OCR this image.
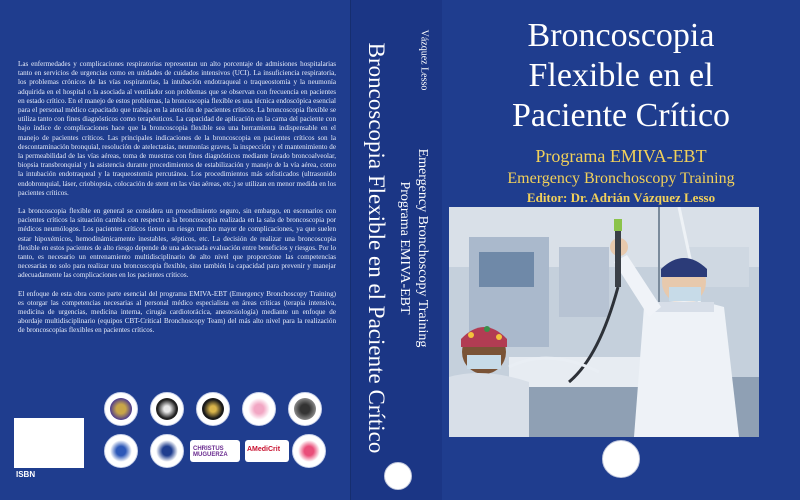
Las enfermedades y complicaciones respiratorias representan un alto porcentaje de admisiones hospitalarias tanto en servicios de urgencias como en unidades de cuidados intensivos (UCI). La insuficiencia respiratoria, los problemas crónicos de las vías respiratorias, la intubación endotraqueal o traqueostomía y la neumonía adquirida en el hospital o la asociada al ventilador son problemas que se observan con frecuencia en pacientes en estado crítico. En el manejo de estos problemas, la broncoscopia flexible es una técnica endoscópica esencial para el personal médico capacitado que trabaja en la atención de pacientes críticos. La broncoscopia flexible se utiliza tanto con fines diagnósticos como terapéuticos. La capacidad de aplicación en la cama del paciente con bajo índice de complicaciones hace que la broncoscopia flexible sea una herramienta indispensable en el manejo de pacientes críticos. Las principales indicaciones de la broncoscopia en pacientes críticos son la descontaminación bronquial, resolución de atelectasias, neumonías graves, la inspección y el mantenimiento de la permeabilidad de las vías aéreas, toma de muestras con fines diagnósticos mediante lavado broncoalveolar, biopsia transbronquial y la asistencia durante procedimientos de estabilización y manejo de la vía aérea, como la intubación endotraqueal y la traqueostomía percutánea. Los procedimientos más sofisticados (ultrasonido endobronquial, láser, criobiopsia, colocación de stent en las vías aéreas, etc.) se utilizan en menor medida en los pacientes críticos.

La broncoscopia flexible en general se considera un procedimiento seguro, sin embargo, en escenarios con pacientes críticos la situación cambia con respecto a la broncoscopia realizada en la sala de broncoscopia por médicos neumólogos. Los pacientes críticos tienen un riesgo mucho mayor de complicaciones, ya que suelen estar hipoxémicos, hemodinámicamente inestables, sépticos, etc. La decisión de realizar una broncoscopia flexible en estos pacientes de alto riesgo depende de una adecuada evaluación entre beneficios y riesgos. Por lo tanto, es necesario un entrenamiento multidisciplinario de alto nivel que proporcione las competencias necesarias no solo para realizar una broncoscopia flexible, sino también la capacidad para prevenir y manejar adecuadamente las complicaciones en los pacientes críticos.

El enfoque de esta obra como parte esencial del programa EMIVA-EBT (Emergency Bronchoscopy Training) es otorgar las competencias necesarias al personal médico especialista en áreas críticas (terapia intensiva, medicina de urgencias, medicina interna, cirugía cardiotorácica, anestesiología) mediante un enfoque de abordaje multidisciplinario (equipos CBT-Critical Bronchoscopy Team) del más alto nivel para la realización de broncoscopías flexibles en pacientes críticos.

ISBN
CHRISTUS MUGUERZA
AMediCrit	Broncoscopia Flexible en el Paciente Crítico Programa EMIVA-EBT Emergency Bronchoscopy Training
Vázquez Lesso	Broncoscopia
Flexible en el
Paciente Crítico
Programa EMIVA-EBT
Emergency Bronchoscopy Training
Editor: Dr. Adrián Vázquez Lesso
